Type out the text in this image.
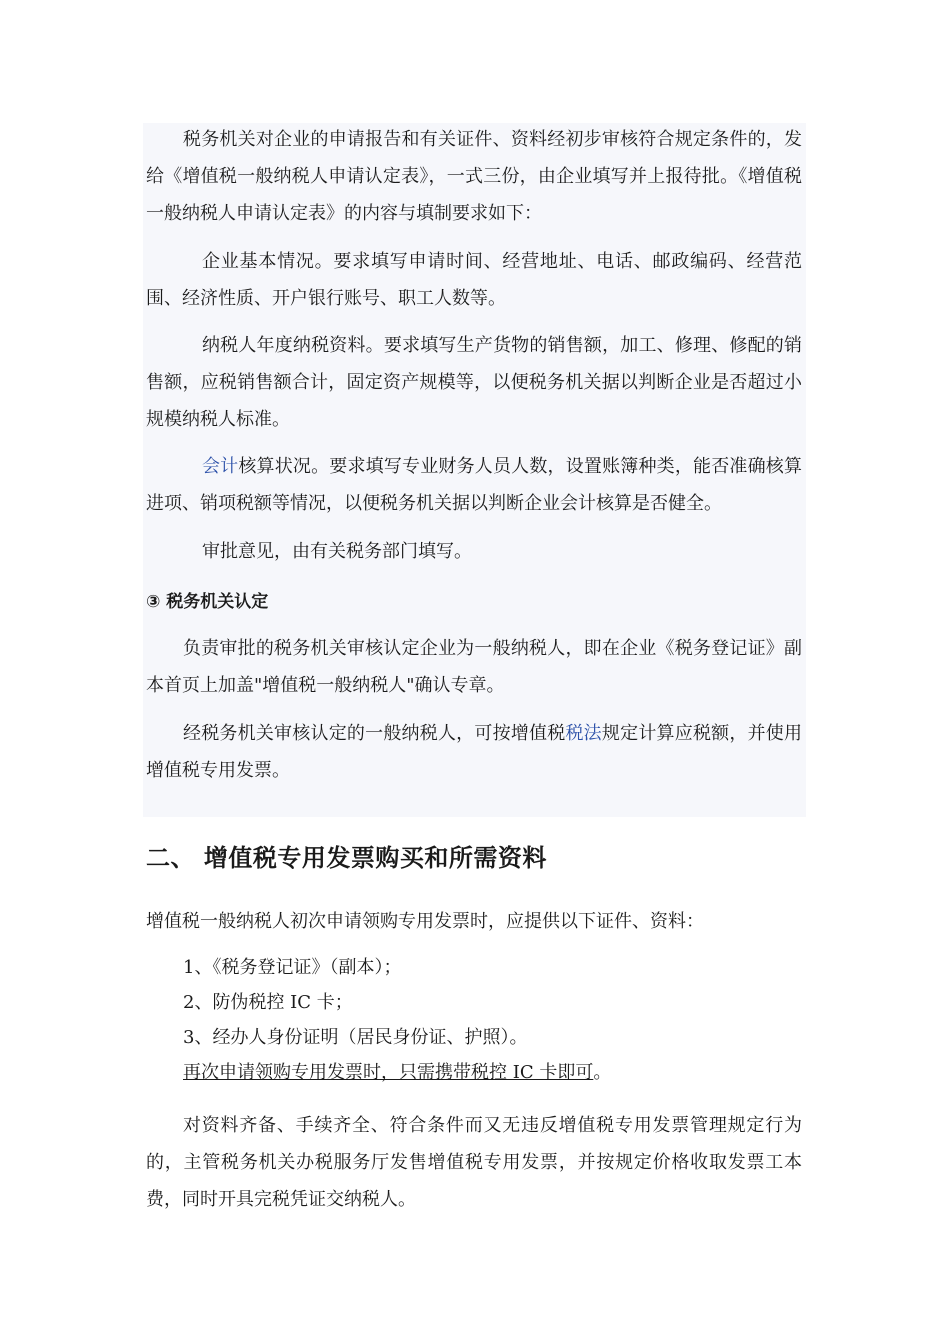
税务机关对企业的申请报告和有关证件、资料经初步审核符合规定条件的，发给《增值税一般纳税人申请认定表》，一式三份，由企业填写并上报待批。《增值税一般纳税人申请认定表》的内容与填制要求如下：

企业基本情况。要求填写申请时间、经营地址、电话、邮政编码、经营范围、经济性质、开户银行账号、职工人数等。

纳税人年度纳税资料。要求填写生产货物的销售额，加工、修理、修配的销售额，应税销售额合计，固定资产规模等，以便税务机关据以判断企业是否超过小规模纳税人标准。

会计核算状况。要求填写专业财务人员人数，设置账簿种类，能否准确核算进项、销项税额等情况，以便税务机关据以判断企业会计核算是否健全。

审批意见，由有关税务部门填写。

③ 税务机关认定

负责审批的税务机关审核认定企业为一般纳税人，即在企业《税务登记证》副本首页上加盖"增值税一般纳税人"确认专章。

经税务机关审核认定的一般纳税人，可按增值税税法规定计算应税额，并使用增值税专用发票。

二、 增值税专用发票购买和所需资料

增值税一般纳税人初次申请领购专用发票时，应提供以下证件、资料：

1、《税务登记证》（副本）；
2、防伪税控 IC 卡；
3、经办人身份证明（居民身份证、护照）。
再次申请领购专用发票时，只需携带税控 IC 卡即可。

对资料齐备、手续齐全、符合条件而又无违反增值税专用发票管理规定行为的，主管税务机关办税服务厅发售增值税专用发票，并按规定价格收取发票工本费，同时开具完税凭证交纳税人。
